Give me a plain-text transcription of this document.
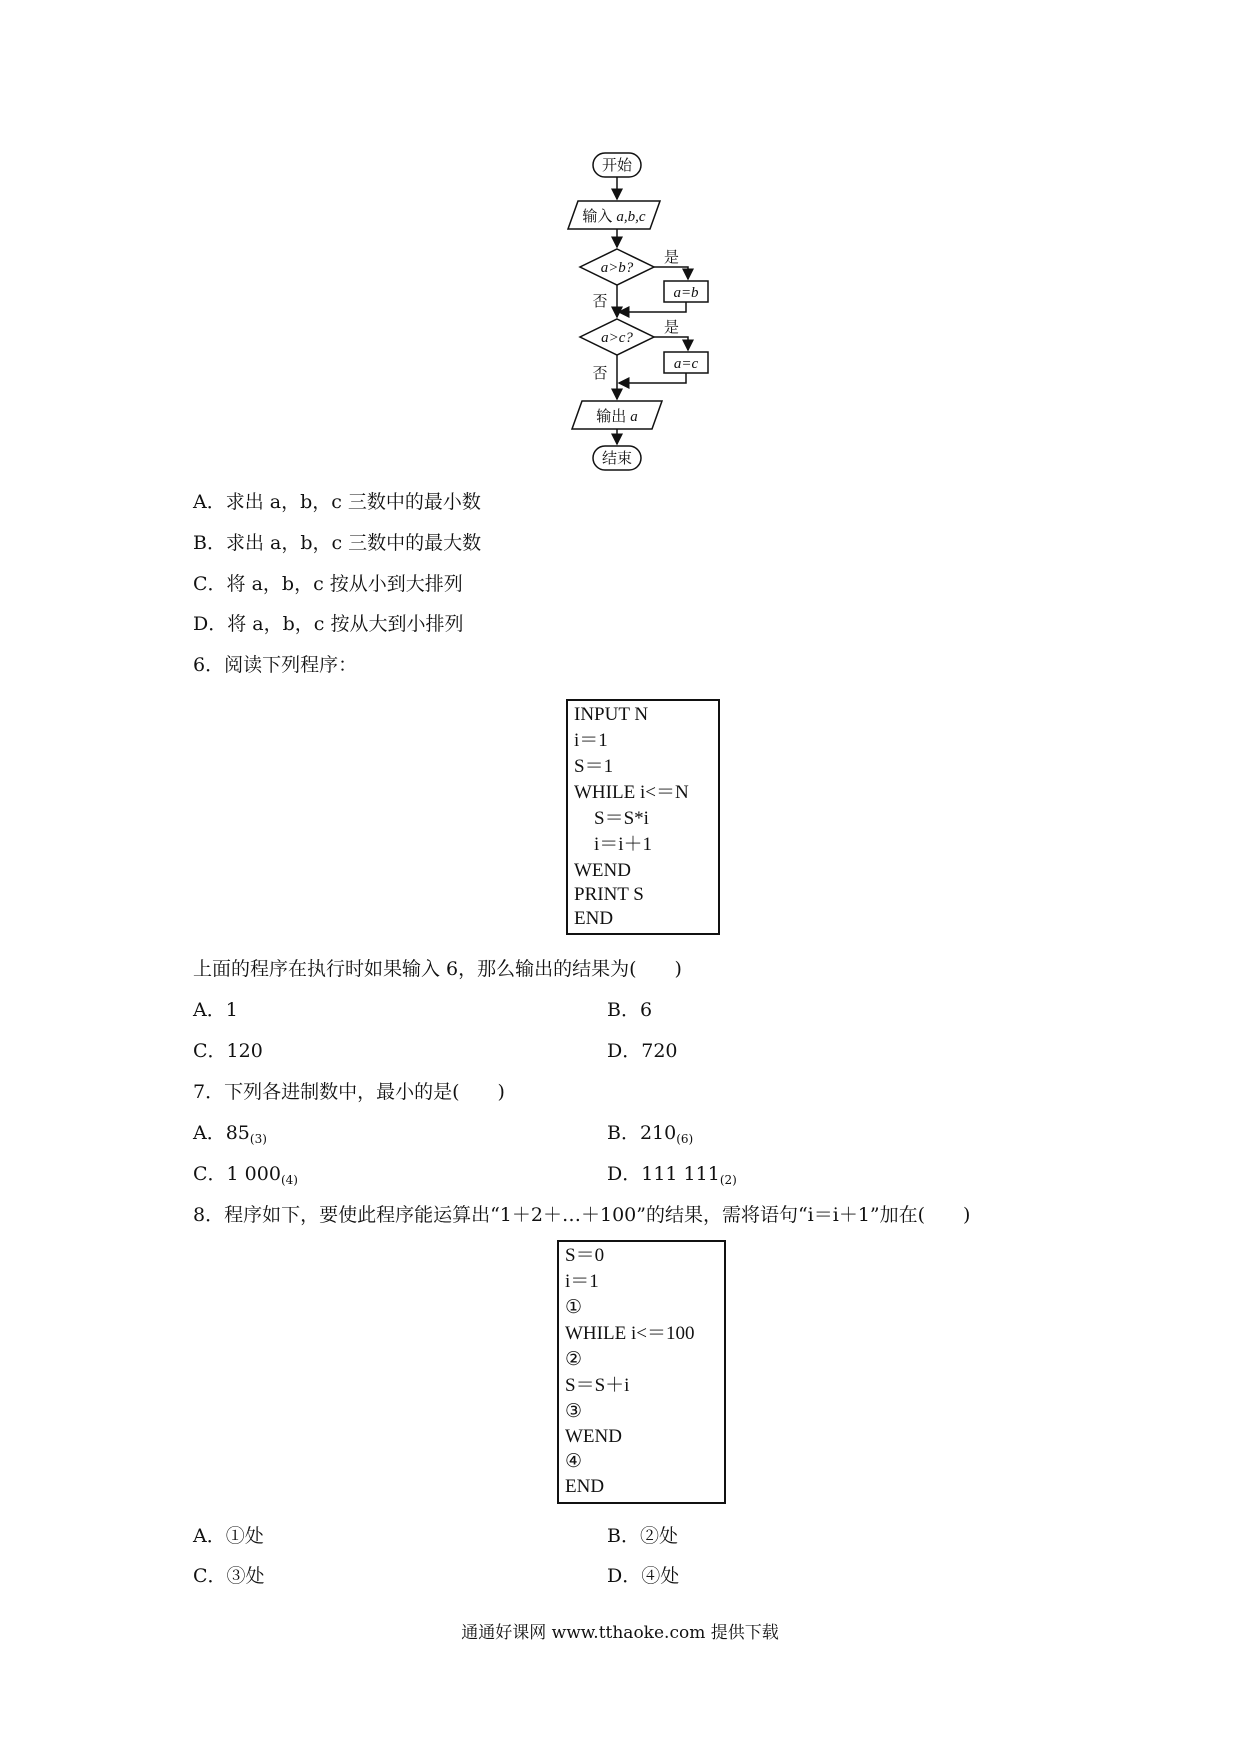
开始
输入 a,b,c
a>b?
是
否	a=b
a>c?
是
否	a=c
输出 a
结束
A．求出 a，b，c 三数中的最小数
B．求出 a，b，c 三数中的最大数
C．将 a，b，c 按从小到大排列
D．将 a，b，c 按从大到小排列
6．阅读下列程序：
INPUT N
i＝1
S＝1
WHILE i<＝N
S＝S*i
i＝i＋1
WEND
PRINT S
END
上面的程序在执行时如果输入 6，那么输出的结果为(　　)
A．1	B．6
C．120	D．720
7．下列各进制数中，最小的是(　　)
A．$85_{(3)}$	B．$210_{(6)}$
C．1 $000_{(4)}$	D．111 $111_{(2)}$
8．程序如下，要使此程序能运算出“1＋2＋…＋100”的结果，需将语句“i＝i＋1”加在(　　)
S＝0
i＝1
①
WHILE i<＝100
②
S＝S＋i
③
WEND
④
END
A．①处	B．②处
C．③处	D．④处
通通好课网 www.tthaoke.com 提供下载
